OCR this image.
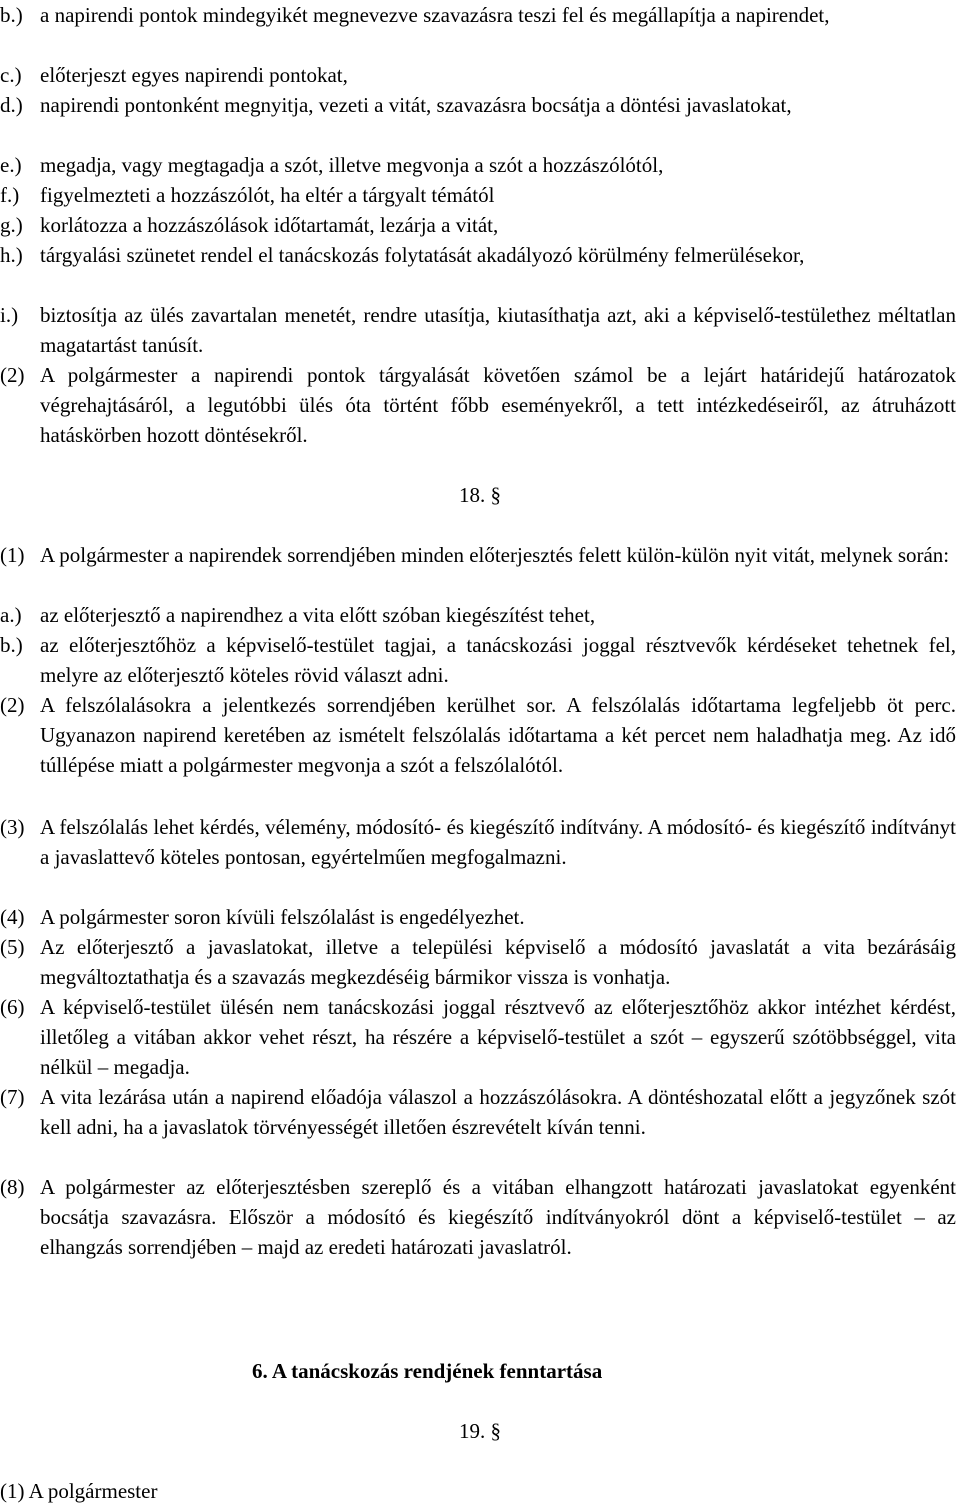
b.) a napirendi pontok mindegyikét megnevezve szavazásra teszi fel és megállapítja a napirendet,
c.) előterjeszt egyes napirendi pontokat,
d.) napirendi pontonként megnyitja, vezeti a vitát, szavazásra bocsátja a döntési javaslatokat,
e.) megadja, vagy megtagadja a szót, illetve megvonja a szót a hozzászólótól,
f.) figyelmezteti a hozzászólót, ha eltér a tárgyalt témától
g.) korlátozza a hozzászólások időtartamát, lezárja a vitát,
h.) tárgyalási szünetet rendel el tanácskozás folytatását akadályozó körülmény felmerülésekor,
i.)	biztosítja az ülés zavartalan menetét, rendre utasítja, kiutasíthatja azt, aki a képviselő-testülethez méltatlan magatartást tanúsít.
(2) A polgármester a napirendi pontok tárgyalását követően számol be a lejárt határidejű határozatok végrehajtásáról, a legutóbbi ülés óta történt főbb eseményekről, a tett intézkedéseiről, az átruházott hatáskörben hozott döntésekről.
18. §
(1) A polgármester a napirendek sorrendjében minden előterjesztés felett külön-külön nyit vitát, melynek során:
a.) az előterjesztő a napirendhez a vita előtt szóban kiegészítést tehet,
b.) az előterjesztőhöz a képviselő-testület tagjai, a tanácskozási joggal résztvevők kérdéseket tehetnek fel, melyre az előterjesztő köteles rövid választ adni.
(2) A felszólalásokra a jelentkezés sorrendjében kerülhet sor. A felszólalás időtartama legfeljebb öt perc. Ugyanazon napirend keretében az ismételt felszólalás időtartama a két percet nem haladhatja meg. Az idő túllépése miatt a polgármester megvonja a szót a felszólalótól.
(3) A felszólalás lehet kérdés, vélemény, módosító- és kiegészítő indítvány. A módosító- és kiegészítő indítványt a javaslattevő köteles pontosan, egyértelműen megfogalmazni.
(4) A polgármester soron kívüli felszólalást is engedélyezhet.
(5) Az előterjesztő a javaslatokat, illetve a települési képviselő a módosító javaslatát a vita bezárásáig megváltoztathatja és a szavazás megkezdéséig bármikor vissza is vonhatja.
(6) A képviselő-testület ülésén nem tanácskozási joggal résztvevő az előterjesztőhöz akkor intézhet kérdést, illetőleg a vitában akkor vehet részt, ha részére a képviselő-testület a szót – egyszerű szótöbbséggel, vita nélkül – megadja.
(7) A vita lezárása után a napirend előadója válaszol a hozzászólásokra. A döntéshozatal előtt a jegyzőnek szót kell adni, ha a javaslatok törvényességét illetően észrevételt kíván tenni.
(8) A polgármester az előterjesztésben szereplő és a vitában elhangzott határozati javaslatokat egyenként bocsátja szavazásra. Először a módosító és kiegészítő indítványokról dönt a képviselő-testület – az elhangzás sorrendjében – majd az eredeti határozati javaslatról.
6. A tanácskozás rendjének fenntartása
19. §
(1) A polgármester
